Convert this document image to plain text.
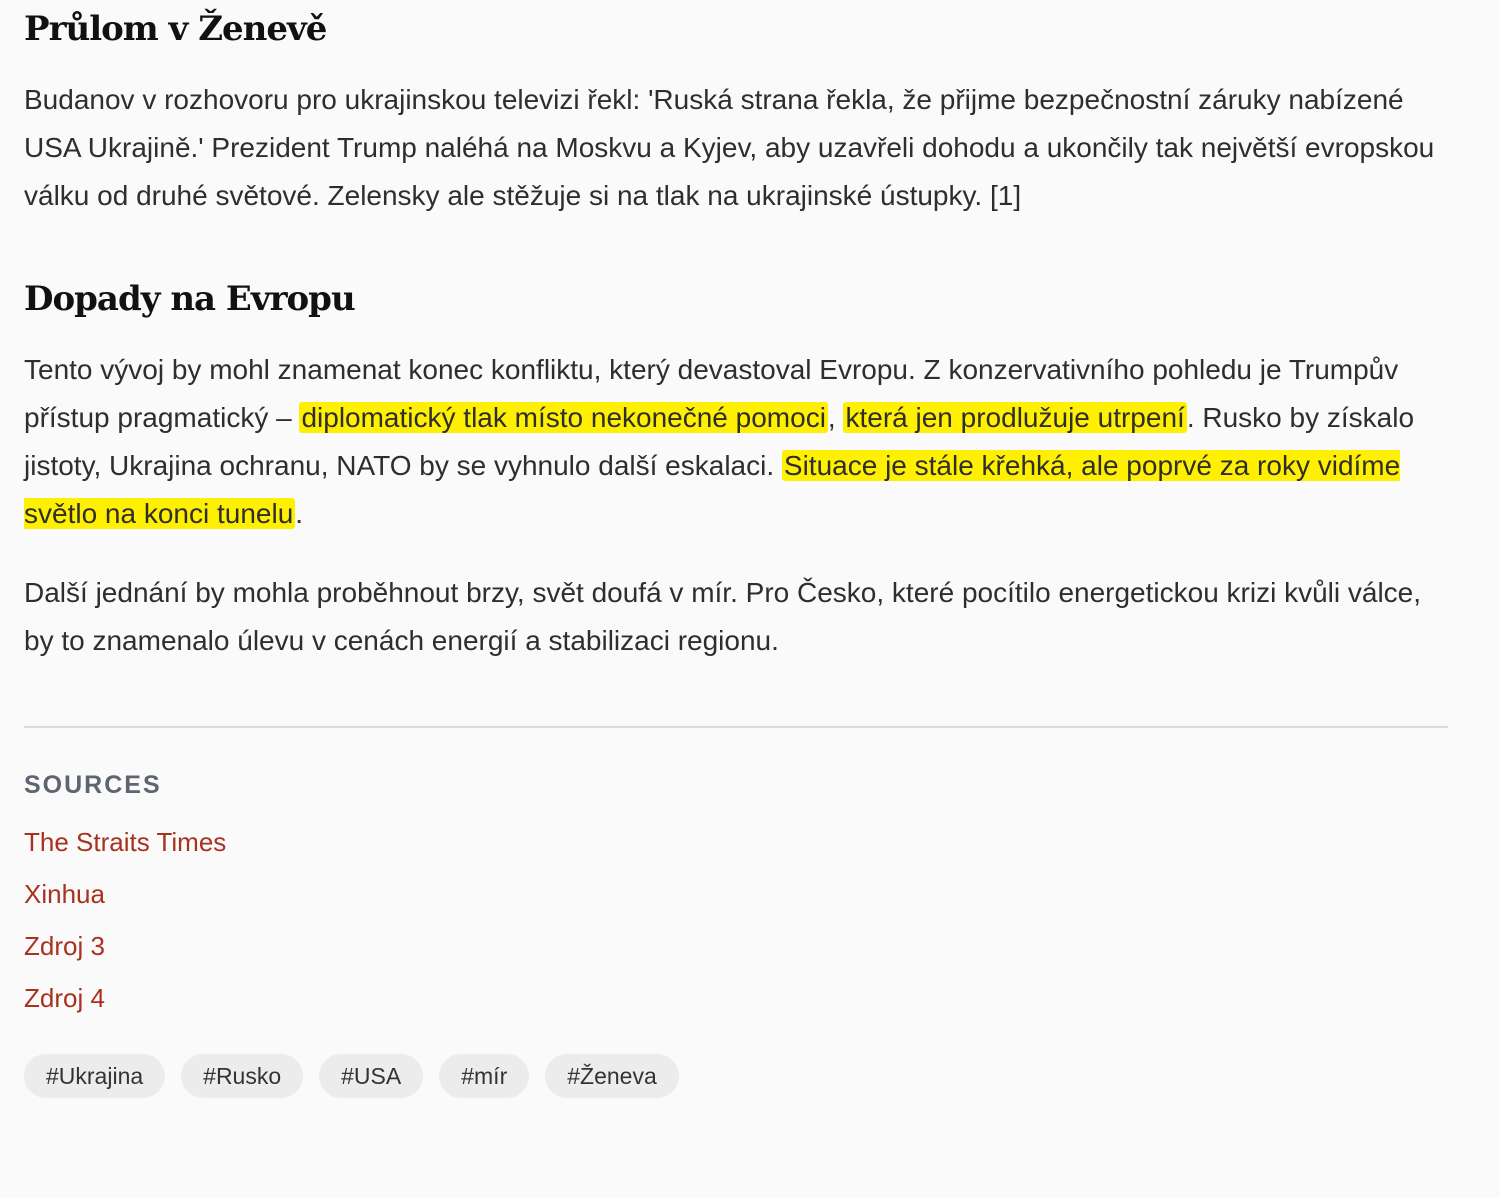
Průlom v Ženevě

Budanov v rozhovoru pro ukrajinskou televizi řekl: 'Ruská strana řekla, že přijme bezpečnostní záruky nabízené USA Ukrajině.' Prezident Trump naléhá na Moskvu a Kyjev, aby uzavřeli dohodu a ukončily tak největší evropskou válku od druhé světové. Zelensky ale stěžuje si na tlak na ukrajinské ústupky. [1]

Dopady na Evropu

Tento vývoj by mohl znamenat konec konfliktu, který devastoval Evropu. Z konzervativního pohledu je Trumpův přístup pragmatický – diplomatický tlak místo nekonečné pomoci, která jen prodlužuje utrpení. Rusko by získalo jistoty, Ukrajina ochranu, NATO by se vyhnulo další eskalaci. Situace je stále křehká, ale poprvé za roky vidíme světlo na konci tunelu.

Další jednání by mohla proběhnout brzy, svět doufá v mír. Pro Česko, které pocítilo energetickou krizi kvůli válce, by to znamenalo úlevu v cenách energií a stabilizaci regionu.

SOURCES
The Straits Times
Xinhua
Zdroj 3
Zdroj 4
#Ukrajina	#Rusko	#USA	#mír	#Ženeva
